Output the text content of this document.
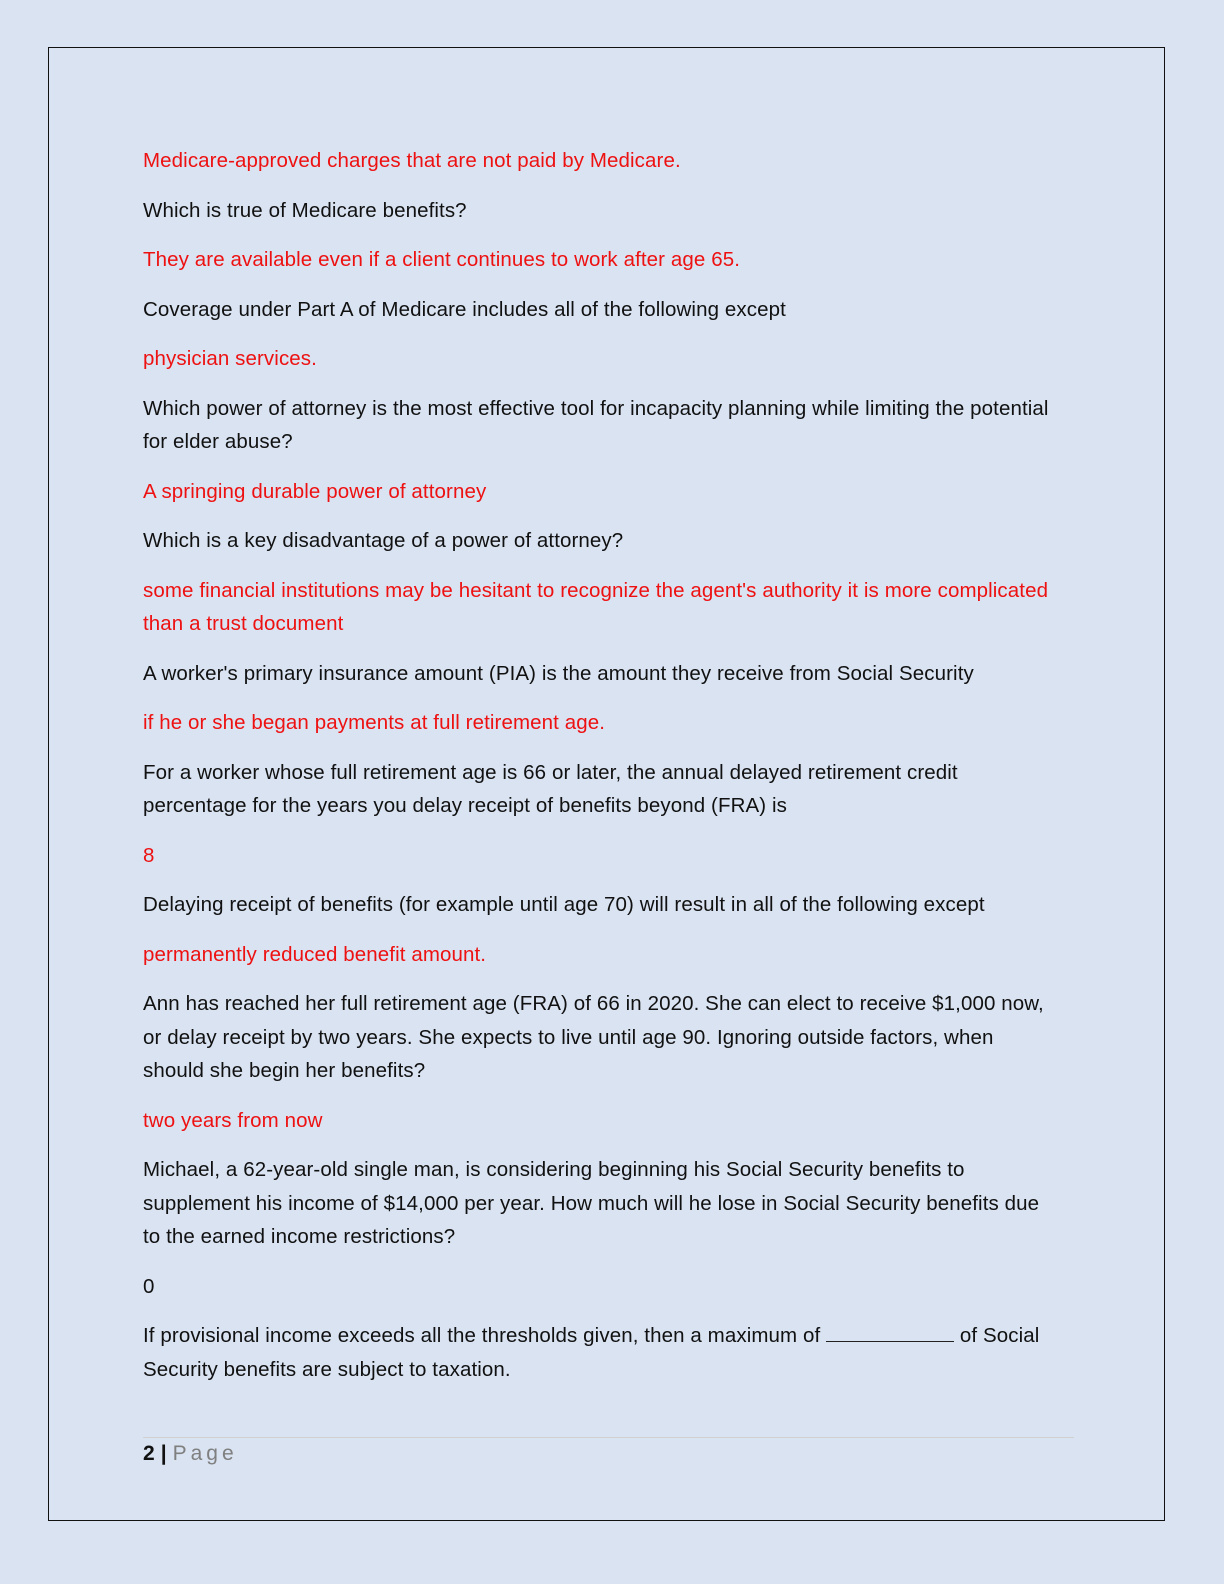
Medicare-approved charges that are not paid by Medicare.

Which is true of Medicare benefits?

They are available even if a client continues to work after age 65.

Coverage under Part A of Medicare includes all of the following except

physician services.

Which power of attorney is the most effective tool for incapacity planning while limiting the potential for elder abuse?

A springing durable power of attorney

Which is a key disadvantage of a power of attorney?

some financial institutions may be hesitant to recognize the agent's authority it is more complicated than a trust document

A worker's primary insurance amount (PIA) is the amount they receive from Social Security

if he or she began payments at full retirement age.

For a worker whose full retirement age is 66 or later, the annual delayed retirement credit percentage for the years you delay receipt of benefits beyond (FRA) is

8

Delaying receipt of benefits (for example until age 70) will result in all of the following except

permanently reduced benefit amount.

Ann has reached her full retirement age (FRA) of 66 in 2020. She can elect to receive $1,000 now, or delay receipt by two years. She expects to live until age 90. Ignoring outside factors, when should she begin her benefits?

two years from now

Michael, a 62-year-old single man, is considering beginning his Social Security benefits to supplement his income of $14,000 per year. How much will he lose in Social Security benefits due to the earned income restrictions?

0

If provisional income exceeds all the thresholds given, then a maximum of	of Social Security benefits are subject to taxation.

2 | Page
